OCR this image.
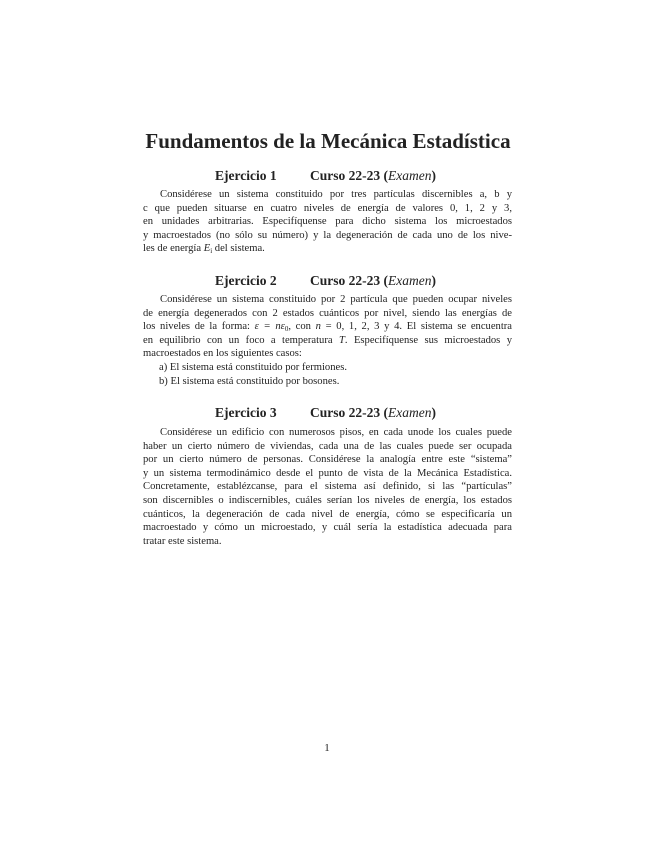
Fundamentos de la Mecánica Estadística
Ejercicio 1 Curso 22-23 (Examen)
Considérese un sistema constituido por tres partículas discernibles a, b y
c que pueden situarse en cuatro niveles de energía de valores 0, 1, 2 y 3,
en unidades arbitrarias. Especifíquense para dicho sistema los microestados
y macroestados (no sólo su número) y la degeneración de cada uno de los nive-
les de energía $E_i$ del sistema.
Ejercicio 2 Curso 22-23 (Examen)
Considérese un sistema constituido por 2 partícula que pueden ocupar niveles
de energía degenerados con 2 estados cuánticos por nivel, siendo las energías de
los niveles de la forma: $\varepsilon = n\varepsilon_0$, con n = 0, 1, 2, 3 y 4. El sistema se encuentra
en equilibrio con un foco a temperatura T. Especifíquense sus microestados y
macroestados en los siguientes casos:
a) El sistema está constituido por fermiones.
b) El sistema está constituido por bosones.
Ejercicio 3 Curso 22-23 (Examen)
Considérese un edificio con numerosos pisos, en cada unode los cuales puede
haber un cierto número de viviendas, cada una de las cuales puede ser ocupada
por un cierto número de personas. Considérese la analogía entre este “sistema”
y un sistema termodinámico desde el punto de vista de la Mecánica Estadística.
Concretamente, establézcanse, para el sistema así definido, si las “partículas”
son discernibles o indiscernibles, cuáles serían los niveles de energía, los estados
cuánticos, la degeneración de cada nivel de energía, cómo se especificaría un
macroestado y cómo un microestado, y cuál sería la estadística adecuada para
tratar este sistema.
1
